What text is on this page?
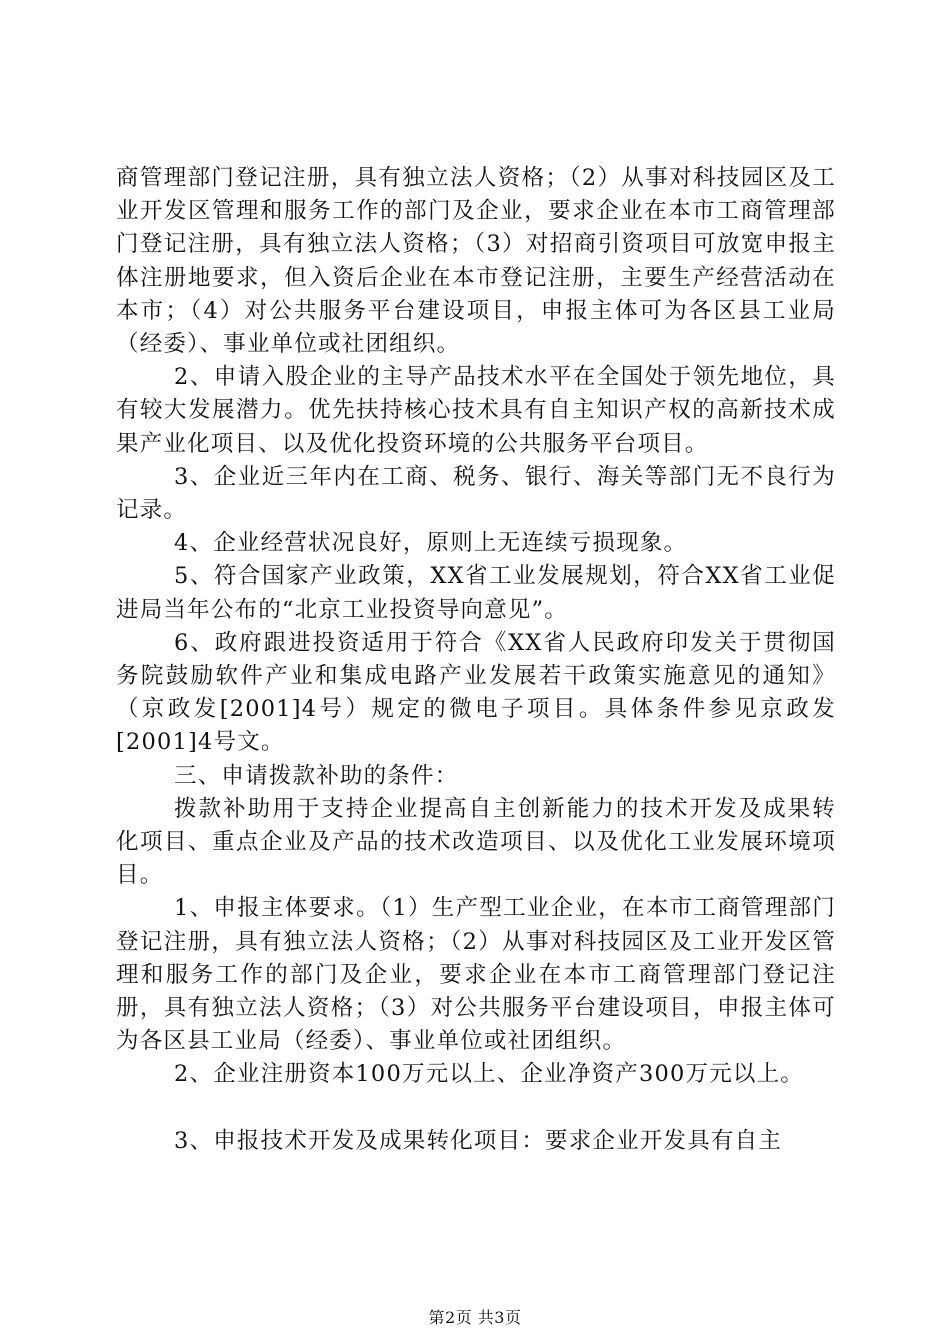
商管理部门登记注册，具有独立法人资格；（2）从事对科技园区及工业开发区管理和服务工作的部门及企业，要求企业在本市工商管理部门登记注册，具有独立法人资格；（3）对招商引资项目可放宽申报主体注册地要求，但入资后企业在本市登记注册，主要生产经营活动在本市；（4）对公共服务平台建设项目，申报主体可为各区县工业局（经委）、事业单位或社团组织。

2、申请入股企业的主导产品技术水平在全国处于领先地位，具有较大发展潜力。优先扶持核心技术具有自主知识产权的高新技术成果产业化项目、以及优化投资环境的公共服务平台项目。

3、企业近三年内在工商、税务、银行、海关等部门无不良行为记录。

4、企业经营状况良好，原则上无连续亏损现象。

5、符合国家产业政策，XX省工业发展规划，符合XX省工业促进局当年公布的“北京工业投资导向意见”。

6、政府跟进投资适用于符合《XX省人民政府印发关于贯彻国务院鼓励软件产业和集成电路产业发展若干政策实施意见的通知》（京政发[2001]4号）规定的微电子项目。具体条件参见京政发[2001]4号文。

三、申请拨款补助的条件：

拨款补助用于支持企业提高自主创新能力的技术开发及成果转化项目、重点企业及产品的技术改造项目、以及优化工业发展环境项目。

1、申报主体要求。（1）生产型工业企业，在本市工商管理部门登记注册，具有独立法人资格；（2）从事对科技园区及工业开发区管理和服务工作的部门及企业，要求企业在本市工商管理部门登记注册，具有独立法人资格；（3）对公共服务平台建设项目，申报主体可为各区县工业局（经委）、事业单位或社团组织。

2、企业注册资本100万元以上、企业净资产300万元以上。

3、申报技术开发及成果转化项目：要求企业开发具有自主

第2页 共3页
